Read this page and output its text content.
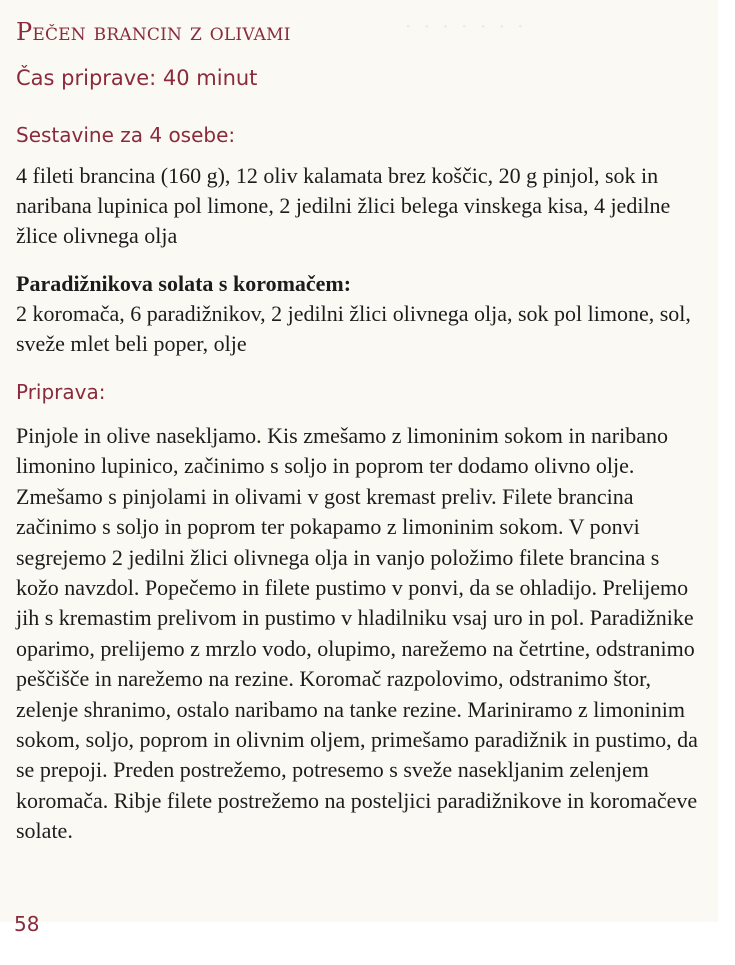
· · · · · · ·
Pečen brancin z olivami
Čas priprave: 40 minut
Sestavine za 4 osebe:

4 fileti brancina (160 g), 12 oliv kalamata brez koščic, 20 g pinjol, sok in naribana lupinica pol limone, 2 jedilni žlici belega vinskega kisa, 4 jedilne žlice olivnega olja

Paradižnikova solata s koromačem:
2 koromača, 6 paradižnikov, 2 jedilni žlici olivnega olja, sok pol limone, sol, sveže mlet beli poper, olje
Priprava:

Pinjole in olive nasekljamo. Kis zmešamo z limoninim sokom in naribano limonino lupinico, začinimo s soljo in poprom ter dodamo olivno olje. Zmešamo s pinjolami in olivami v gost kremast preliv. Filete brancina začinimo s soljo in poprom ter pokapamo z limoninim sokom. V ponvi segrejemo 2 jedilni žlici olivnega olja in vanjo položimo filete brancina s kožo navzdol. Popečemo in filete pustimo v ponvi, da se ohladijo. Prelijemo jih s kremastim prelivom in pustimo v hladilniku vsaj uro in pol. Paradižnike oparimo, prelijemo z mrzlo vodo, olupimo, narežemo na četrtine, odstranimo peščišče in narežemo na rezine. Koromač razpolovimo, odstranimo štor, zelenje shranimo, ostalo naribamo na tanke rezine. Mariniramo z limoninim sokom, soljo, poprom in olivnim oljem, primešamo paradižnik in pustimo, da se prepoji. Preden postrežemo, potresemo s sveže nasekljanim zelenjem koromača. Ribje filete postrežemo na posteljici paradižnikove in koromačeve solate.

58
